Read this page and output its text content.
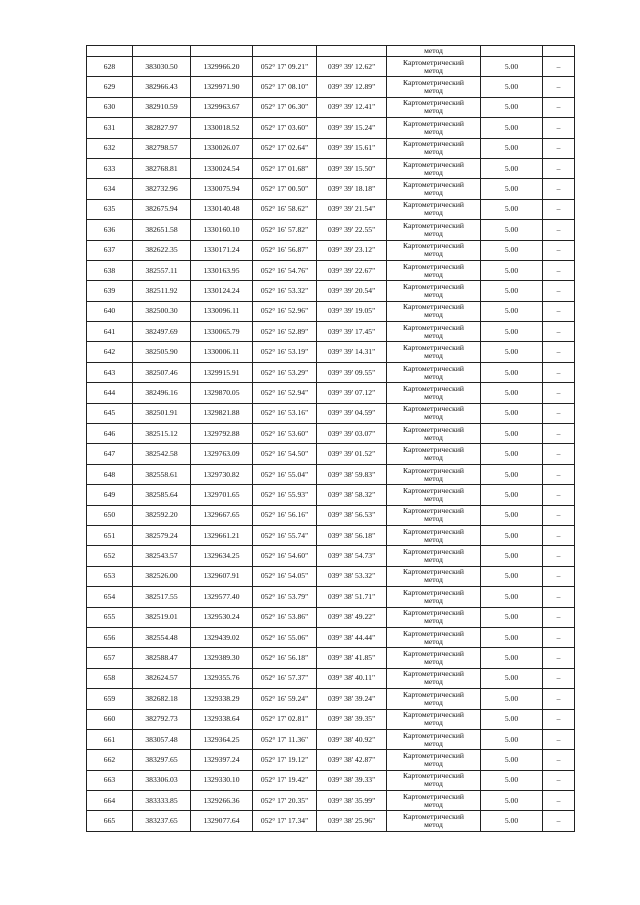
					метод		
628	383030.50	1329966.20	052° 17' 09.21"	039° 39' 12.62"	Картометрический
метод	5.00	–
629	382966.43	1329971.90	052° 17' 08.10"	039° 39' 12.89"	Картометрический
метод	5.00	–
630	382910.59	1329963.67	052° 17' 06.30"	039° 39' 12.41"	Картометрический
метод	5.00	–
631	382827.97	1330018.52	052° 17' 03.60"	039° 39' 15.24"	Картометрический
метод	5.00	–
632	382798.57	1330026.07	052° 17' 02.64"	039° 39' 15.61"	Картометрический
метод	5.00	–
633	382768.81	1330024.54	052° 17' 01.68"	039° 39' 15.50"	Картометрический
метод	5.00	–
634	382732.96	1330075.94	052° 17' 00.50"	039° 39' 18.18"	Картометрический
метод	5.00	–
635	382675.94	1330140.48	052° 16' 58.62"	039° 39' 21.54"	Картометрический
метод	5.00	–
636	382651.58	1330160.10	052° 16' 57.82"	039° 39' 22.55"	Картометрический
метод	5.00	–
637	382622.35	1330171.24	052° 16' 56.87"	039° 39' 23.12"	Картометрический
метод	5.00	–
638	382557.11	1330163.95	052° 16' 54.76"	039° 39' 22.67"	Картометрический
метод	5.00	–
639	382511.92	1330124.24	052° 16' 53.32"	039° 39' 20.54"	Картометрический
метод	5.00	–
640	382500.30	1330096.11	052° 16' 52.96"	039° 39' 19.05"	Картометрический
метод	5.00	–
641	382497.69	1330065.79	052° 16' 52.89"	039° 39' 17.45"	Картометрический
метод	5.00	–
642	382505.90	1330006.11	052° 16' 53.19"	039° 39' 14.31"	Картометрический
метод	5.00	–
643	382507.46	1329915.91	052° 16' 53.29"	039° 39' 09.55"	Картометрический
метод	5.00	–
644	382496.16	1329870.05	052° 16' 52.94"	039° 39' 07.12"	Картометрический
метод	5.00	–
645	382501.91	1329821.88	052° 16' 53.16"	039° 39' 04.59"	Картометрический
метод	5.00	–
646	382515.12	1329792.88	052° 16' 53.60"	039° 39' 03.07"	Картометрический
метод	5.00	–
647	382542.58	1329763.09	052° 16' 54.50"	039° 39' 01.52"	Картометрический
метод	5.00	–
648	382558.61	1329730.82	052° 16' 55.04"	039° 38' 59.83"	Картометрический
метод	5.00	–
649	382585.64	1329701.65	052° 16' 55.93"	039° 38' 58.32"	Картометрический
метод	5.00	–
650	382592.20	1329667.65	052° 16' 56.16"	039° 38' 56.53"	Картометрический
метод	5.00	–
651	382579.24	1329661.21	052° 16' 55.74"	039° 38' 56.18"	Картометрический
метод	5.00	–
652	382543.57	1329634.25	052° 16' 54.60"	039° 38' 54.73"	Картометрический
метод	5.00	–
653	382526.00	1329607.91	052° 16' 54.05"	039° 38' 53.32"	Картометрический
метод	5.00	–
654	382517.55	1329577.40	052° 16' 53.79"	039° 38' 51.71"	Картометрический
метод	5.00	–
655	382519.01	1329530.24	052° 16' 53.86"	039° 38' 49.22"	Картометрический
метод	5.00	–
656	382554.48	1329439.02	052° 16' 55.06"	039° 38' 44.44"	Картометрический
метод	5.00	–
657	382588.47	1329389.30	052° 16' 56.18"	039° 38' 41.85"	Картометрический
метод	5.00	–
658	382624.57	1329355.76	052° 16' 57.37"	039° 38' 40.11"	Картометрический
метод	5.00	–
659	382682.18	1329338.29	052° 16' 59.24"	039° 38' 39.24"	Картометрический
метод	5.00	–
660	382792.73	1329338.64	052° 17' 02.81"	039° 38' 39.35"	Картометрический
метод	5.00	–
661	383057.48	1329364.25	052° 17' 11.36"	039° 38' 40.92"	Картометрический
метод	5.00	–
662	383297.65	1329397.24	052° 17' 19.12"	039° 38' 42.87"	Картометрический
метод	5.00	–
663	383306.03	1329330.10	052° 17' 19.42"	039° 38' 39.33"	Картометрический
метод	5.00	–
664	383333.85	1329266.36	052° 17' 20.35"	039° 38' 35.99"	Картометрический
метод	5.00	–
665	383237.65	1329077.64	052° 17' 17.34"	039° 38' 25.96"	Картометрический
метод	5.00	–
